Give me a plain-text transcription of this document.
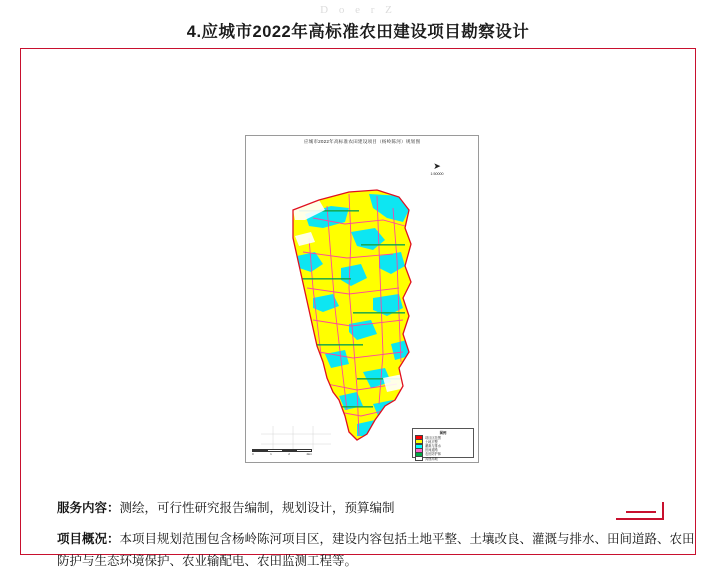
D o e r Z
4.应城市2022年高标准农田建设项目勘察设计
应城市2022年高标准农田建设项目（杨岭陈河）规划图
➤
1:50000
0	1	2	4km
图例
项目区范围
土地平整
灌溉与排水
田间道路
农田防护林
其他用地
服务内容：测绘，可行性研究报告编制，规划设计，预算编制
项目概况：本项目规划范围包含杨岭陈河项目区，建设内容包括土地平整、土壤改良、灌溉与排水、田间道路、农田防护与生态环境保护、农业输配电、农田监测工程等。
